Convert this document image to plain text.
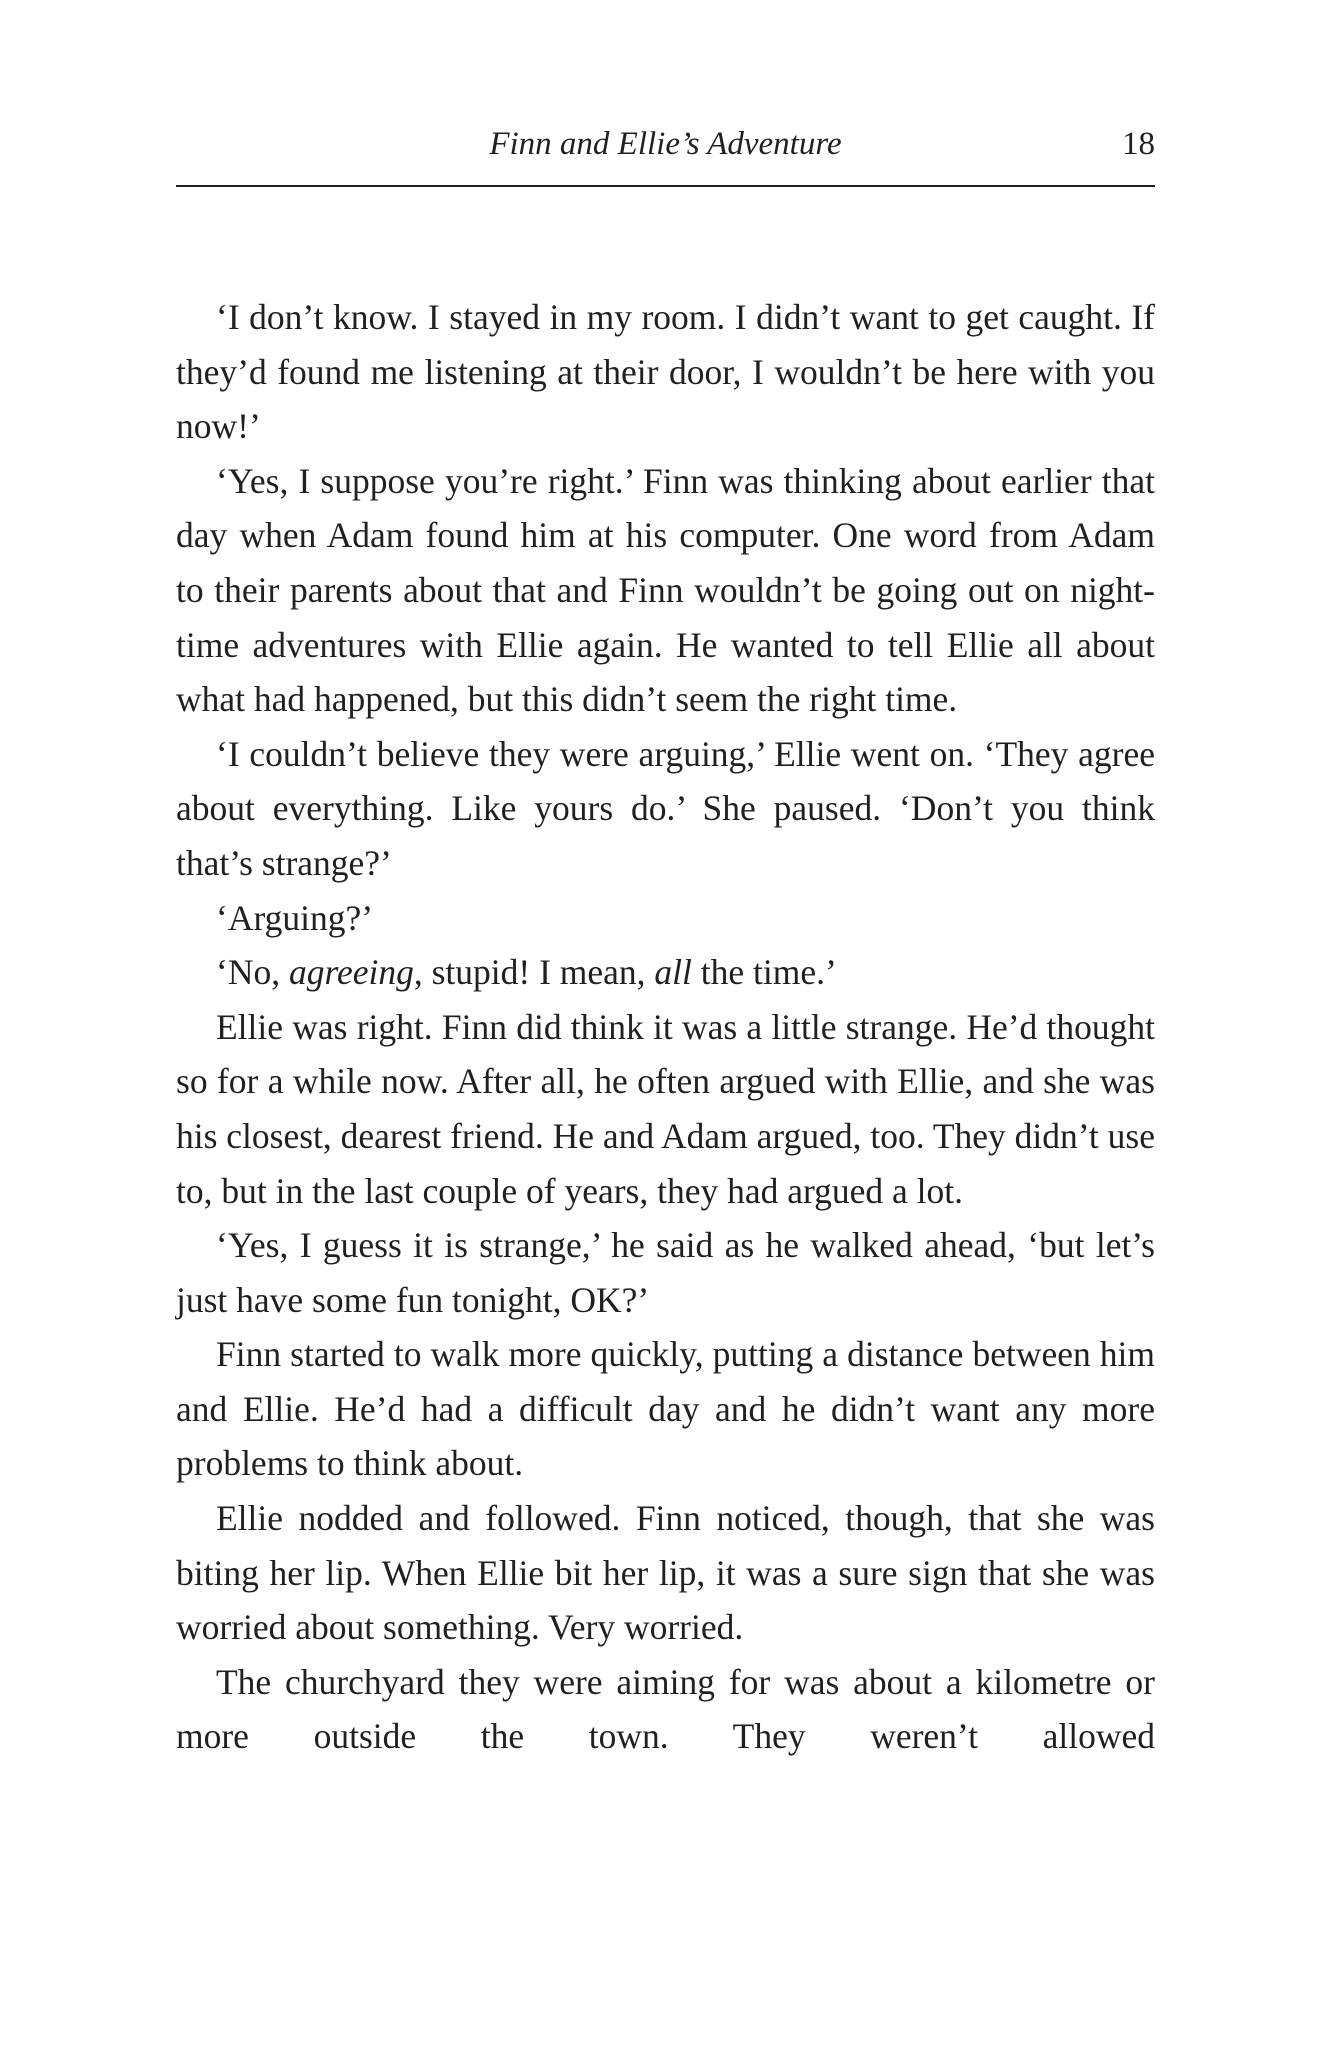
Finn and Ellie’s Adventure	18

‘I don’t know. I stayed in my room. I didn’t want to get caught. If they’d found me listening at their door, I wouldn’t be here with you now!’

‘Yes, I suppose you’re right.’ Finn was thinking about earlier that day when Adam found him at his computer. One word from Adam to their parents about that and Finn wouldn’t be going out on night-time adventures with Ellie again. He wanted to tell Ellie all about what had happened, but this didn’t seem the right time.

‘I couldn’t believe they were arguing,’ Ellie went on. ‘They agree about everything. Like yours do.’ She paused. ‘Don’t you think that’s strange?’

‘Arguing?’

‘No, agreeing, stupid! I mean, all the time.’

Ellie was right. Finn did think it was a little strange. He’d thought so for a while now. After all, he often argued with Ellie, and she was his closest, dearest friend. He and Adam argued, too. They didn’t use to, but in the last couple of years, they had argued a lot.

‘Yes, I guess it is strange,’ he said as he walked ahead, ‘but let’s just have some fun tonight, OK?’

Finn started to walk more quickly, putting a distance between him and Ellie. He’d had a difficult day and he didn’t want any more problems to think about.

Ellie nodded and followed. Finn noticed, though, that she was biting her lip. When Ellie bit her lip, it was a sure sign that she was worried about something. Very worried.

The churchyard they were aiming for was about a kilometre or more outside the town. They weren’t allowed
